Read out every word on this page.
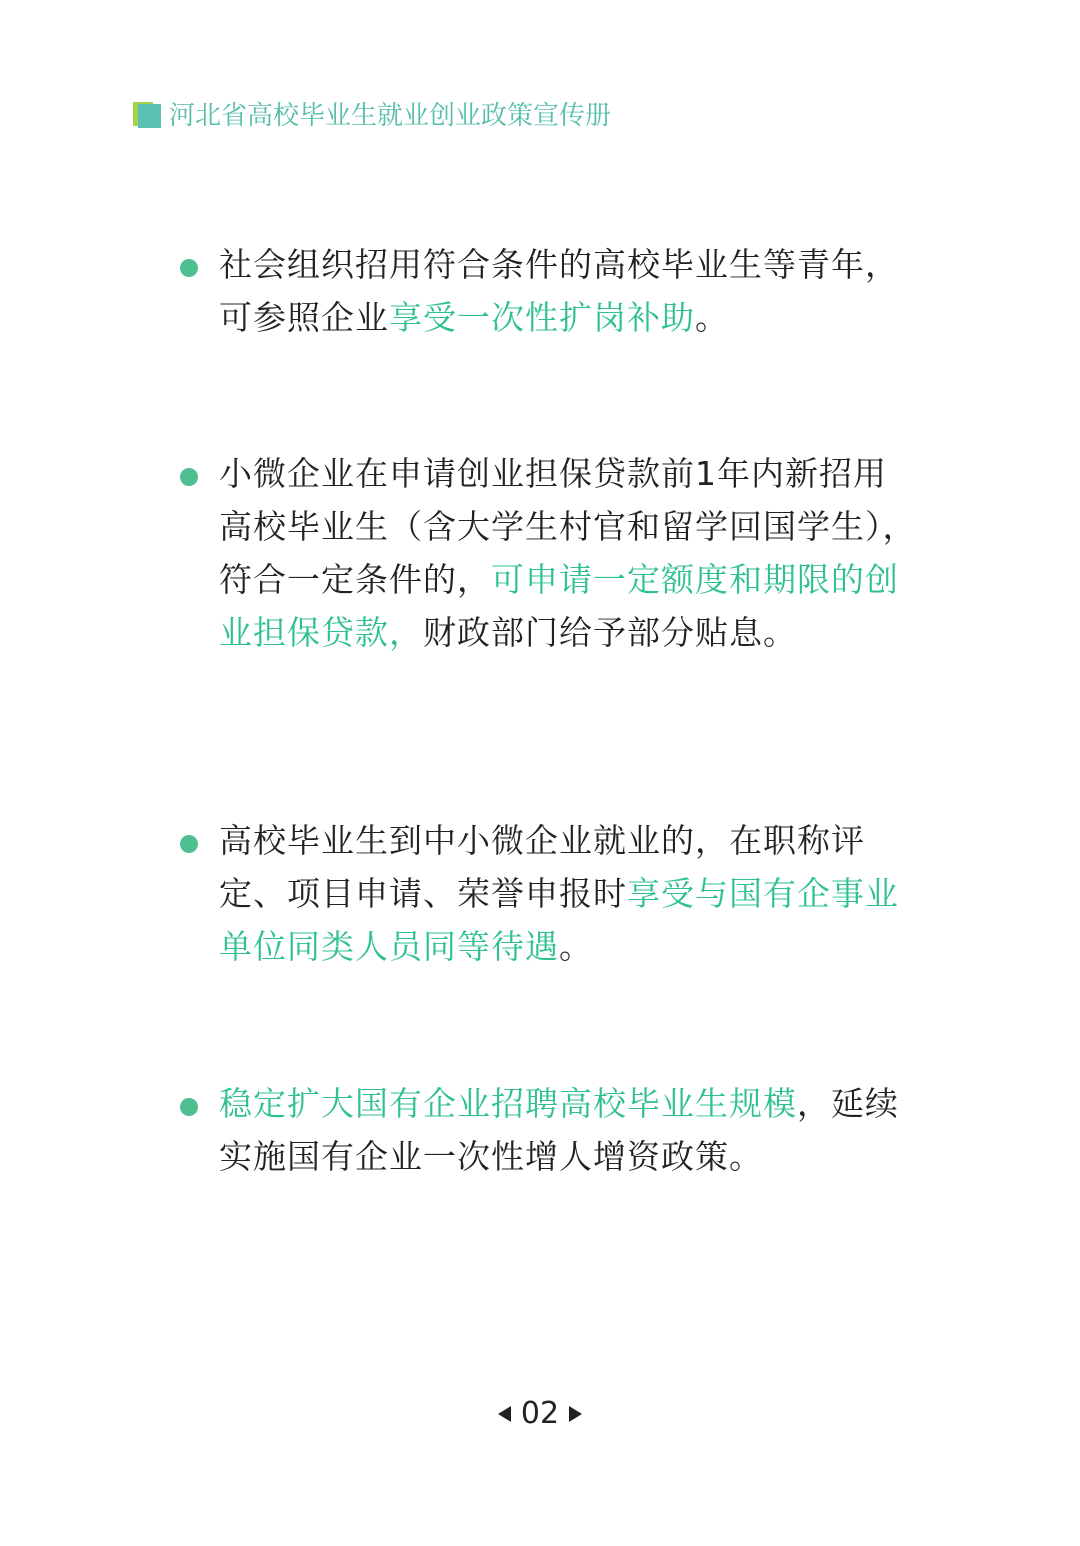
河北省高校毕业生就业创业政策宣传册
社会组织招用符合条件的高校毕业生等青年，可参照企业享受一次性扩岗补助。
小微企业在申请创业担保贷款前1年内新招用高校毕业生（含大学生村官和留学回国学生），符合一定条件的，可申请一定额度和期限的创业担保贷款，财政部门给予部分贴息。
高校毕业生到中小微企业就业的，在职称评定、项目申请、荣誉申报时享受与国有企事业单位同类人员同等待遇。
稳定扩大国有企业招聘高校毕业生规模，延续实施国有企业一次性增人增资政策。
02
